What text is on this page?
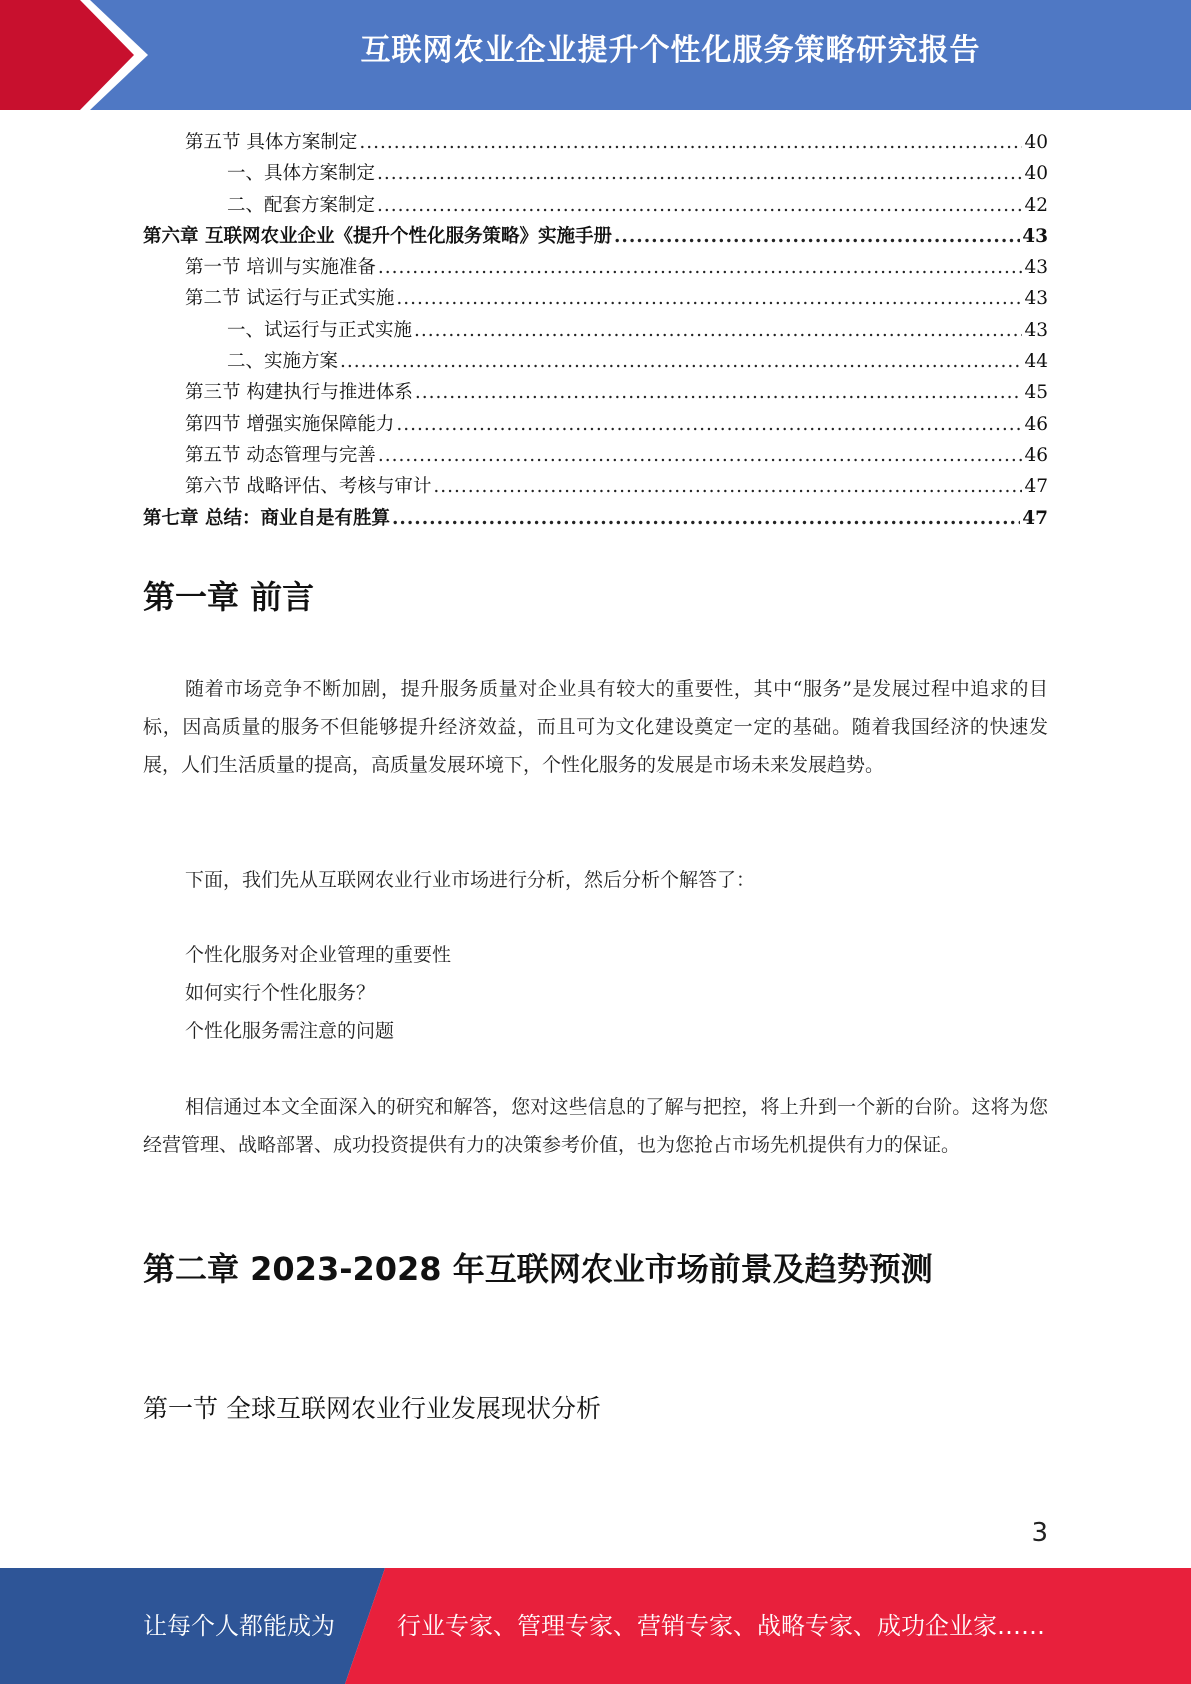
互联网农业企业提升个性化服务策略研究报告
第五节 具体方案制定 .....	40
一、具体方案制定 .....	40
二、配套方案制定 .....	42
第六章 互联网农业企业《提升个性化服务策略》实施手册 .....	43
第一节 培训与实施准备 .....	43
第二节 试运行与正式实施 .....	43
一、试运行与正式实施 .....	43
二、实施方案 .....	44
第三节 构建执行与推进体系 .....	45
第四节 增强实施保障能力 .....	46
第五节 动态管理与完善 .....	46
第六节 战略评估、考核与审计 .....	47
第七章 总结：商业自是有胜算 .....	47
第一章 前言
随着市场竞争不断加剧，提升服务质量对企业具有较大的重要性，其中“服务”是发展过程中追求的目标，因高质量的服务不但能够提升经济效益，而且可为文化建设奠定一定的基础。随着我国经济的快速发展，人们生活质量的提高，高质量发展环境下，个性化服务的发展是市场未来发展趋势。
下面，我们先从互联网农业行业市场进行分析，然后分析个解答了：
个性化服务对企业管理的重要性
如何实行个性化服务？
个性化服务需注意的问题
相信通过本文全面深入的研究和解答，您对这些信息的了解与把控，将上升到一个新的台阶。这将为您经营管理、战略部署、成功投资提供有力的决策参考价值，也为您抢占市场先机提供有力的保证。
第二章 2023-2028 年互联网农业市场前景及趋势预测
第一节 全球互联网农业行业发展现状分析
3
让每个人都能成为	行业专家、管理专家、营销专家、战略专家、成功企业家……
